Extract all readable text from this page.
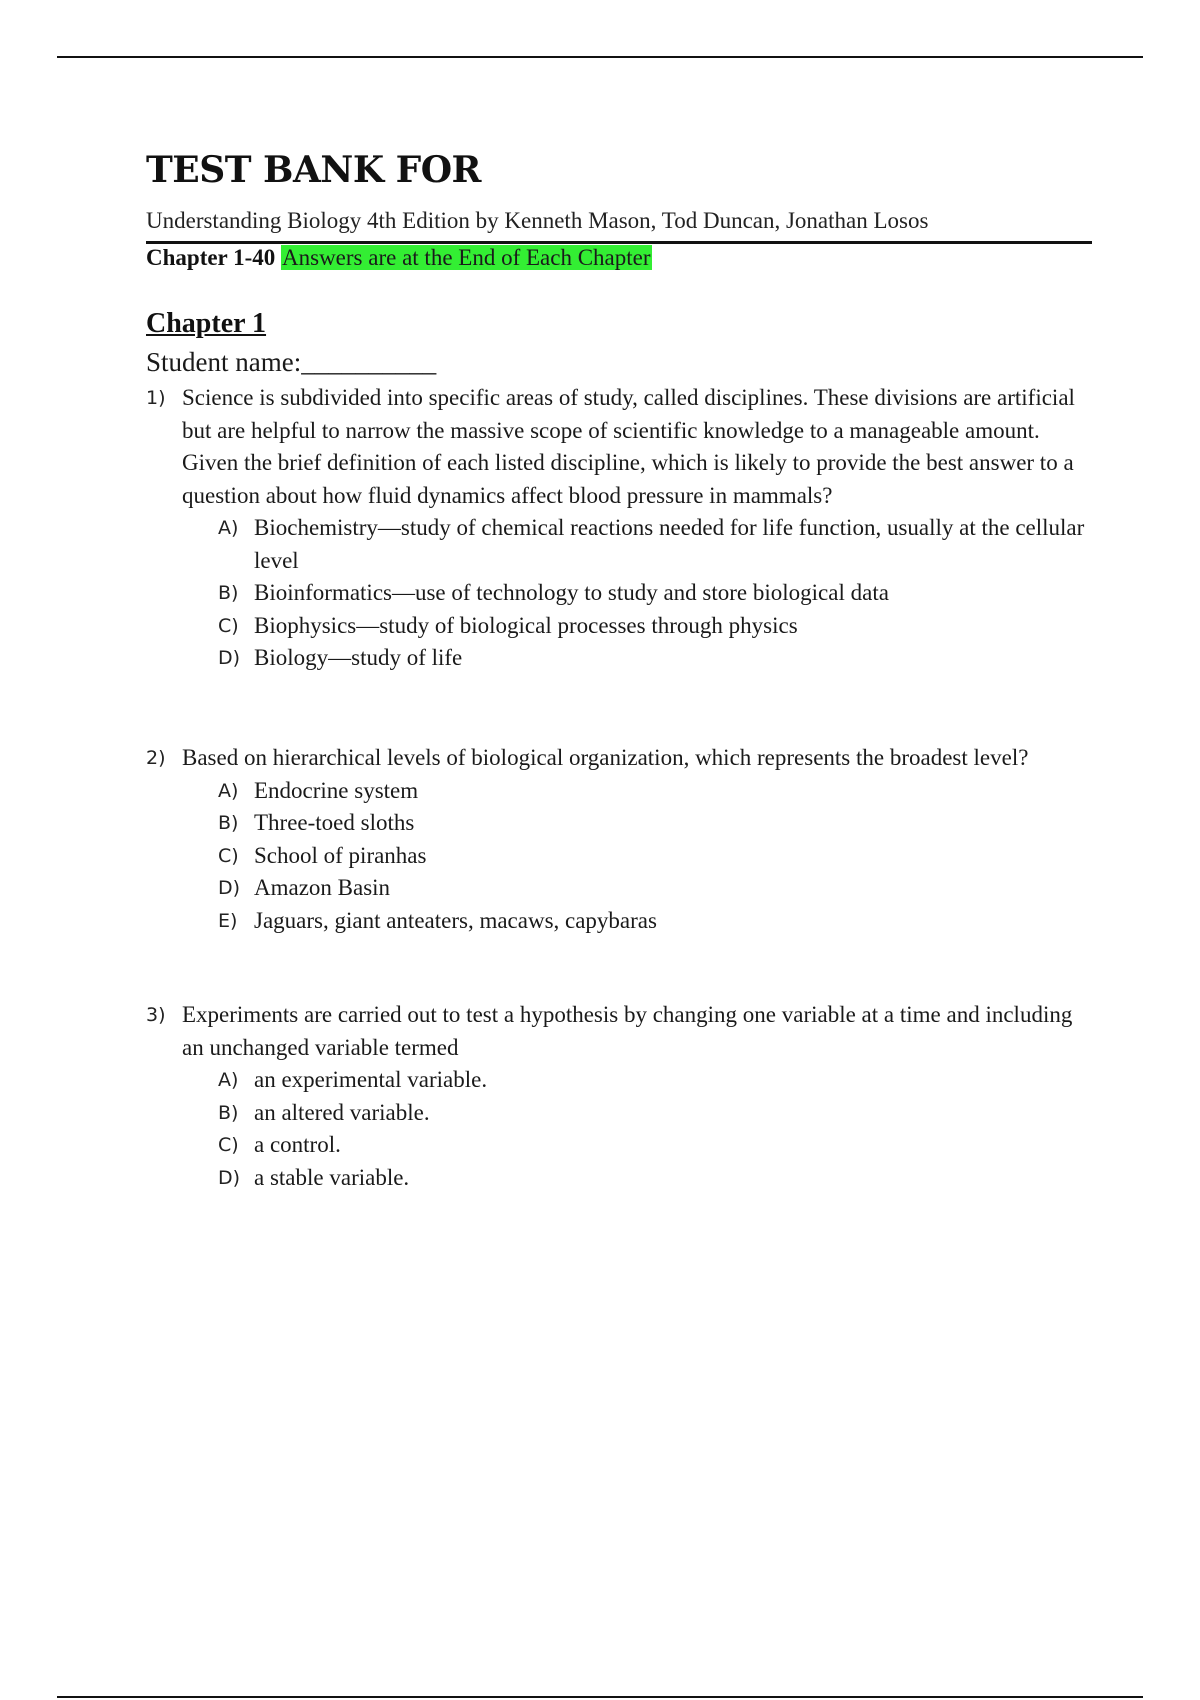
TEST BANK FOR
Understanding Biology 4th Edition by Kenneth Mason, Tod Duncan, Jonathan Losos
Chapter 1-40 Answers are at the End of Each Chapter
Chapter 1
Student name:__________
1) Science is subdivided into specific areas of study, called disciplines. These divisions are artificial but are helpful to narrow the massive scope of scientific knowledge to a manageable amount. Given the brief definition of each listed discipline, which is likely to provide the best answer to a question about how fluid dynamics affect blood pressure in mammals?
A) Biochemistry—study of chemical reactions needed for life function, usually at the cellular level
B) Bioinformatics—use of technology to study and store biological data
C) Biophysics—study of biological processes through physics
D) Biology—study of life
2) Based on hierarchical levels of biological organization, which represents the broadest level?
A) Endocrine system
B) Three-toed sloths
C) School of piranhas
D) Amazon Basin
E) Jaguars, giant anteaters, macaws, capybaras
3) Experiments are carried out to test a hypothesis by changing one variable at a time and including an unchanged variable termed
A) an experimental variable.
B) an altered variable.
C) a control.
D) a stable variable.
